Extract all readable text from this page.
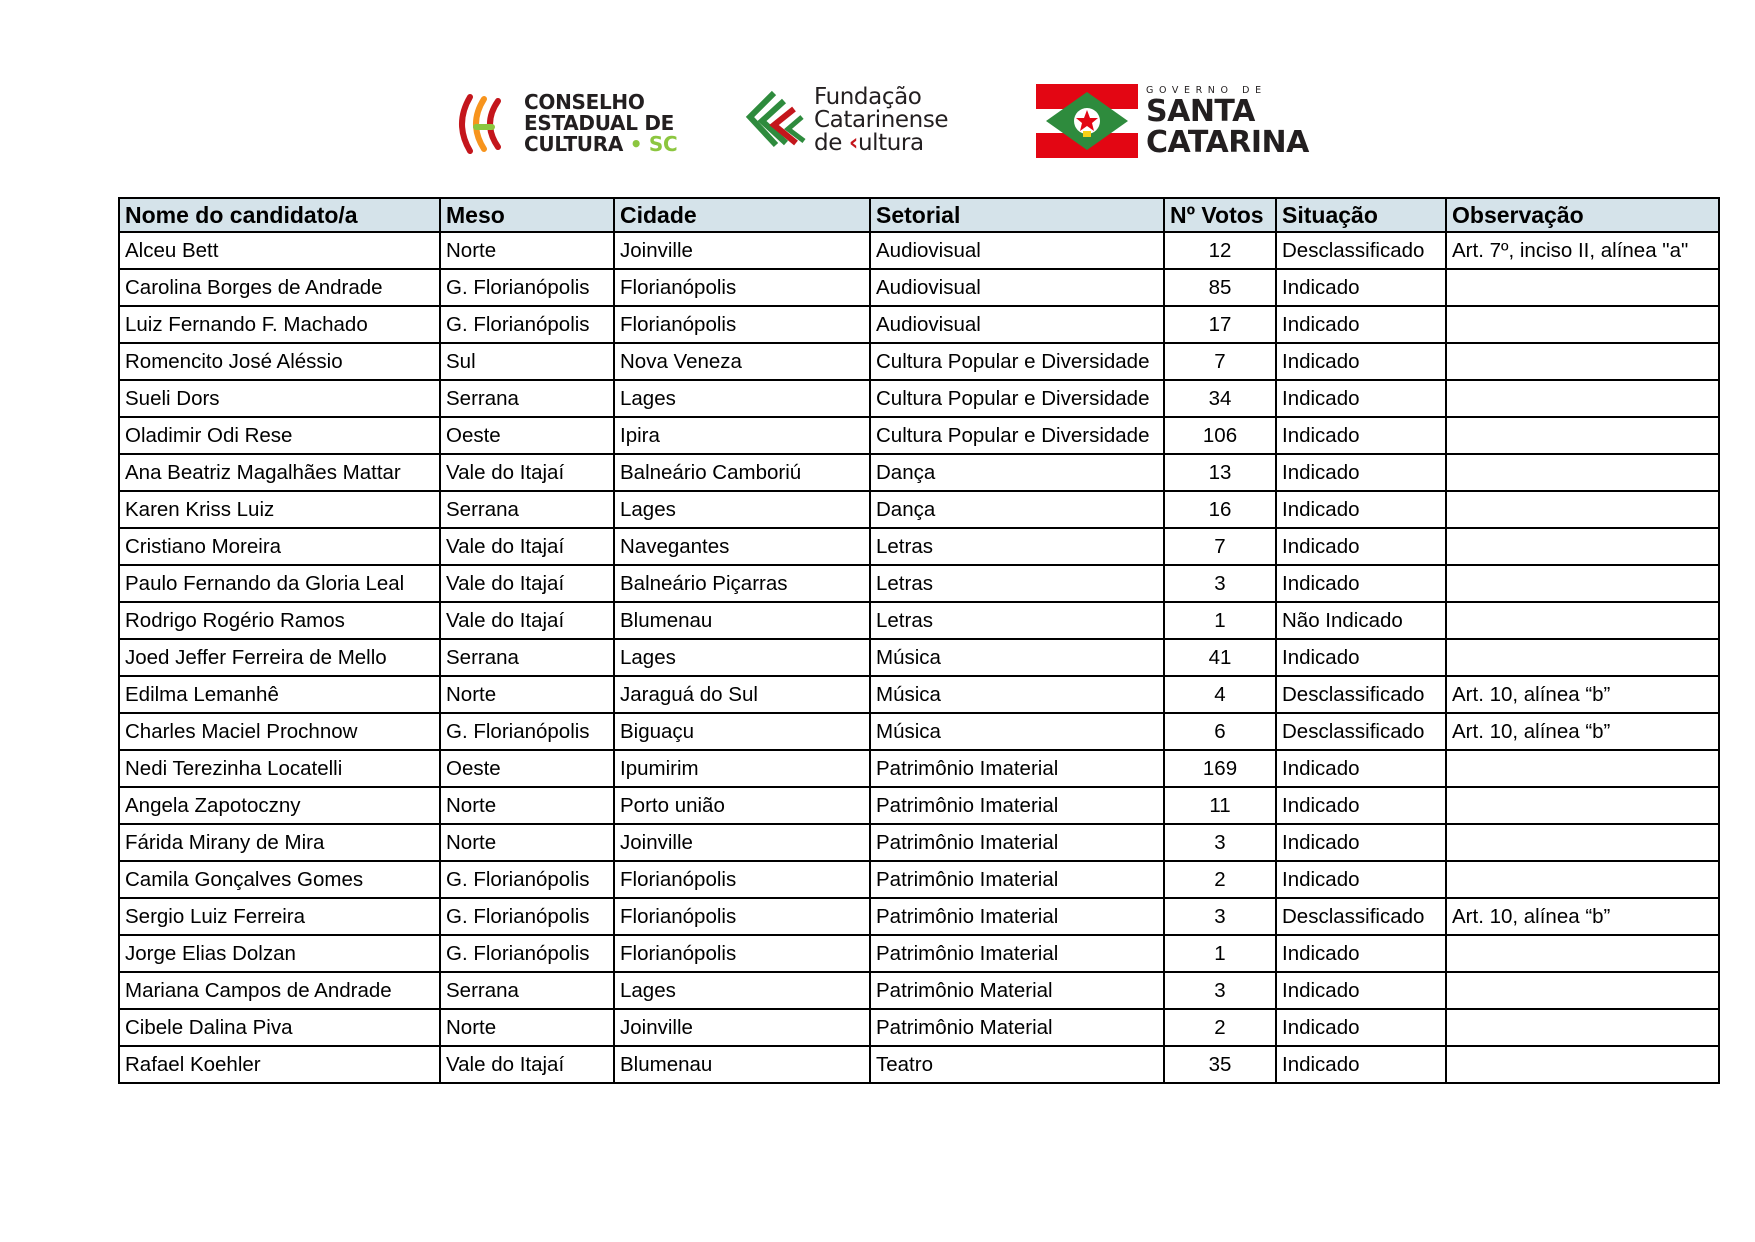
CONSELHO
ESTADUAL DE
CULTURA • SC
Fundação
Catarinense
de ‹ultura
GOVERNO DE
SANTA
CATARINA
Nome do candidato/a	Meso	Cidade	Setorial	Nº Votos	Situação	Observação
Alceu Bett	Norte	Joinville	Audiovisual	12	Desclassificado	Art. 7º, inciso II, alínea "a"
Carolina Borges de Andrade	G. Florianópolis	Florianópolis	Audiovisual	85	Indicado	
Luiz Fernando F. Machado	G. Florianópolis	Florianópolis	Audiovisual	17	Indicado	
Romencito José Aléssio	Sul	Nova Veneza	Cultura Popular e Diversidade	7	Indicado	
Sueli Dors	Serrana	Lages	Cultura Popular e Diversidade	34	Indicado	
Oladimir Odi Rese	Oeste	Ipira	Cultura Popular e Diversidade	106	Indicado	
Ana Beatriz Magalhães Mattar	Vale do Itajaí	Balneário Camboriú	Dança	13	Indicado	
Karen Kriss Luiz	Serrana	Lages	Dança	16	Indicado	
Cristiano Moreira	Vale do Itajaí	Navegantes	Letras	7	Indicado	
Paulo Fernando da Gloria Leal	Vale do Itajaí	Balneário Piçarras	Letras	3	Indicado	
Rodrigo Rogério Ramos	Vale do Itajaí	Blumenau	Letras	1	Não Indicado	
Joed Jeffer Ferreira de Mello	Serrana	Lages	Música	41	Indicado	
Edilma Lemanhê	Norte	Jaraguá do Sul	Música	4	Desclassificado	Art. 10, alínea “b”
Charles Maciel Prochnow	G. Florianópolis	Biguaçu	Música	6	Desclassificado	Art. 10, alínea “b”
Nedi Terezinha Locatelli	Oeste	Ipumirim	Patrimônio Imaterial	169	Indicado	
Angela Zapotoczny	Norte	Porto união	Patrimônio Imaterial	11	Indicado	
Fárida Mirany de Mira	Norte	Joinville	Patrimônio Imaterial	3	Indicado	
Camila Gonçalves Gomes	G. Florianópolis	Florianópolis	Patrimônio Imaterial	2	Indicado	
Sergio Luiz Ferreira	G. Florianópolis	Florianópolis	Patrimônio Imaterial	3	Desclassificado	Art. 10, alínea “b”
Jorge Elias Dolzan	G. Florianópolis	Florianópolis	Patrimônio Imaterial	1	Indicado	
Mariana Campos de Andrade	Serrana	Lages	Patrimônio Material	3	Indicado	
Cibele Dalina Piva	Norte	Joinville	Patrimônio Material	2	Indicado	
Rafael Koehler	Vale do Itajaí	Blumenau	Teatro	35	Indicado	
